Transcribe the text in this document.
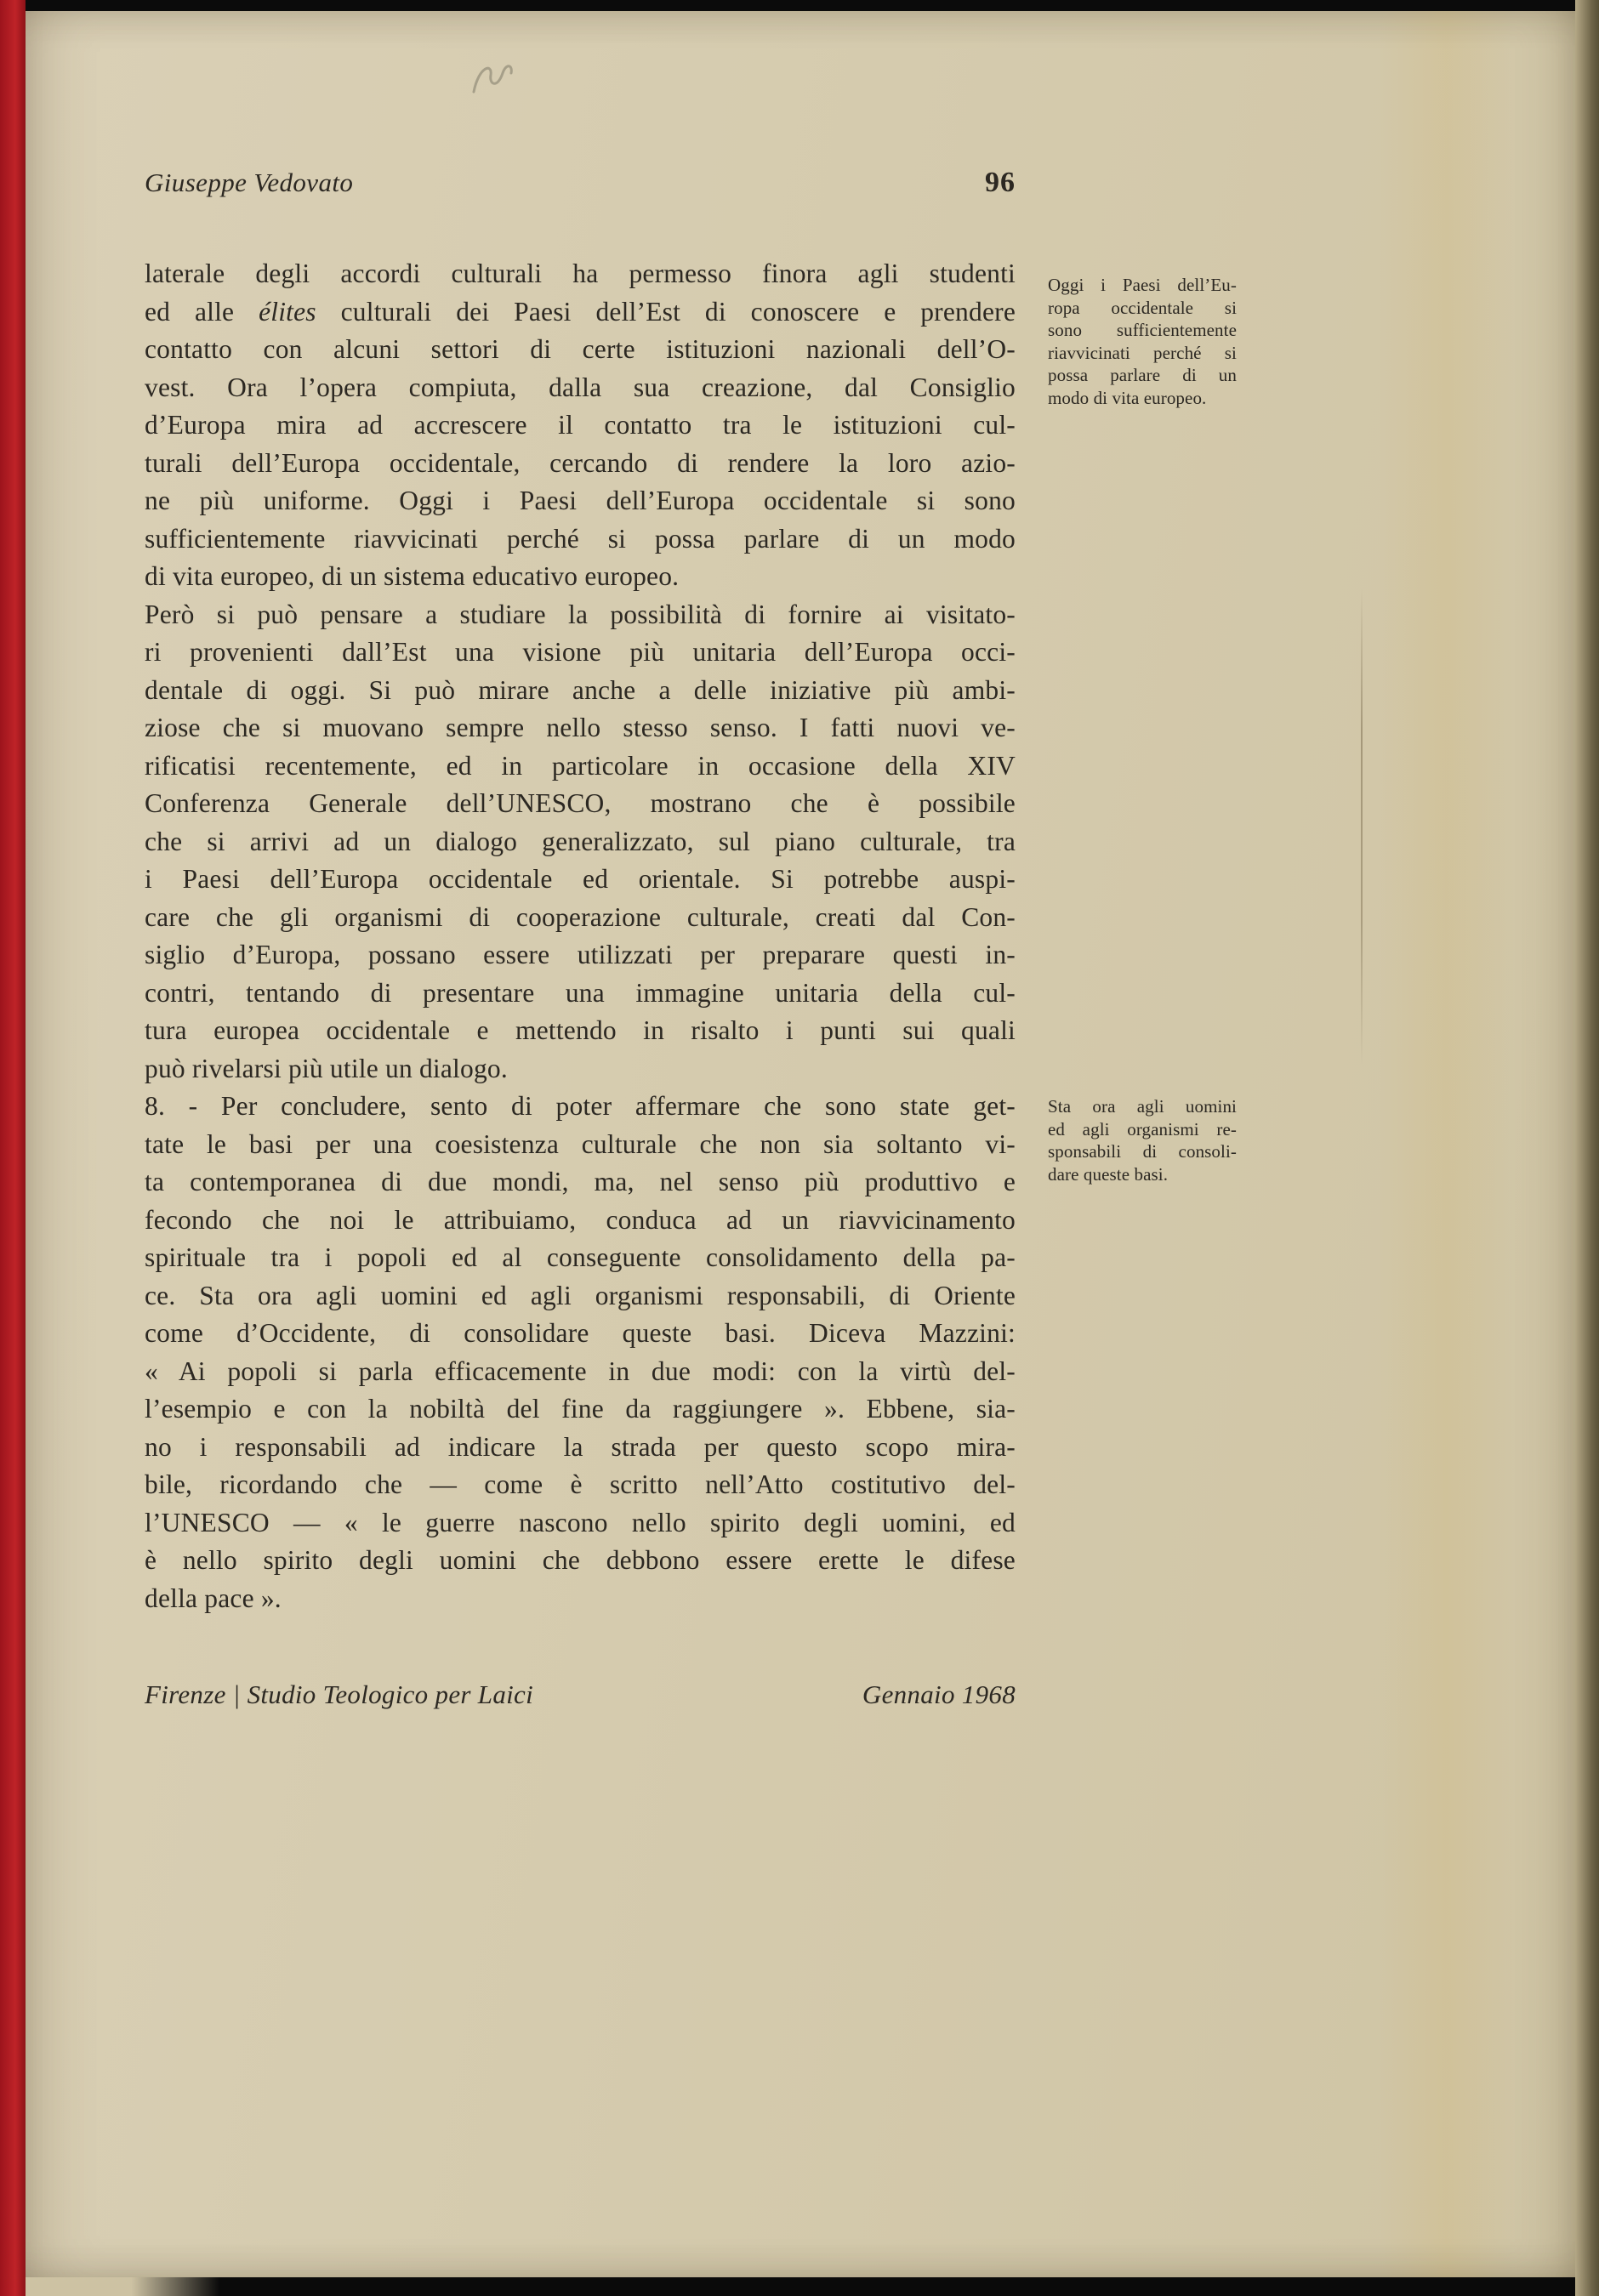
Giuseppe Vedovato	96
laterale degli accordi culturali ha permesso finora agli studenti
ed alle élites culturali dei Paesi dell’Est di conoscere e prendere
contatto con alcuni settori di certe istituzioni nazionali dell’O-
vest. Ora l’opera compiuta, dalla sua creazione, dal Consiglio
d’Europa mira ad accrescere il contatto tra le istituzioni cul-
turali dell’Europa occidentale, cercando di rendere la loro azio-
ne più uniforme. Oggi i Paesi dell’Europa occidentale si sono
sufficientemente riavvicinati perché si possa parlare di un modo
di vita europeo, di un sistema educativo europeo.
Però si può pensare a studiare la possibilità di fornire ai visitato-
ri provenienti dall’Est una visione più unitaria dell’Europa occi-
dentale di oggi. Si può mirare anche a delle iniziative più ambi-
ziose che si muovano sempre nello stesso senso. I fatti nuovi ve-
rificatisi recentemente, ed in particolare in occasione della XIV
Conferenza Generale dell’UNESCO, mostrano che è possibile
che si arrivi ad un dialogo generalizzato, sul piano culturale, tra
i Paesi dell’Europa occidentale ed orientale. Si potrebbe auspi-
care che gli organismi di cooperazione culturale, creati dal Con-
siglio d’Europa, possano essere utilizzati per preparare questi in-
contri, tentando di presentare una immagine unitaria della cul-
tura europea occidentale e mettendo in risalto i punti sui quali
può rivelarsi più utile un dialogo.
8. - Per concludere, sento di poter affermare che sono state get-
tate le basi per una coesistenza culturale che non sia soltanto vi-
ta contemporanea di due mondi, ma, nel senso più produttivo e
fecondo che noi le attribuiamo, conduca ad un riavvicinamento
spirituale tra i popoli ed al conseguente consolidamento della pa-
ce. Sta ora agli uomini ed agli organismi responsabili, di Oriente
come d’Occidente, di consolidare queste basi. Diceva Mazzini:
« Ai popoli si parla efficacemente in due modi: con la virtù del-
l’esempio e con la nobiltà del fine da raggiungere ». Ebbene, sia-
no i responsabili ad indicare la strada per questo scopo mira-
bile, ricordando che — come è scritto nell’Atto costitutivo del-
l’UNESCO — « le guerre nascono nello spirito degli uomini, ed
è nello spirito degli uomini che debbono essere erette le difese
della pace ».
Oggi i Paesi dell’Eu-
ropa occidentale si
sono sufficientemente
riavvicinati perché si
possa parlare di un
modo di vita europeo.
Sta ora agli uomini
ed agli organismi re-
sponsabili di consoli-
dare queste basi.
Firenze | Studio Teologico per Laici	Gennaio 1968
